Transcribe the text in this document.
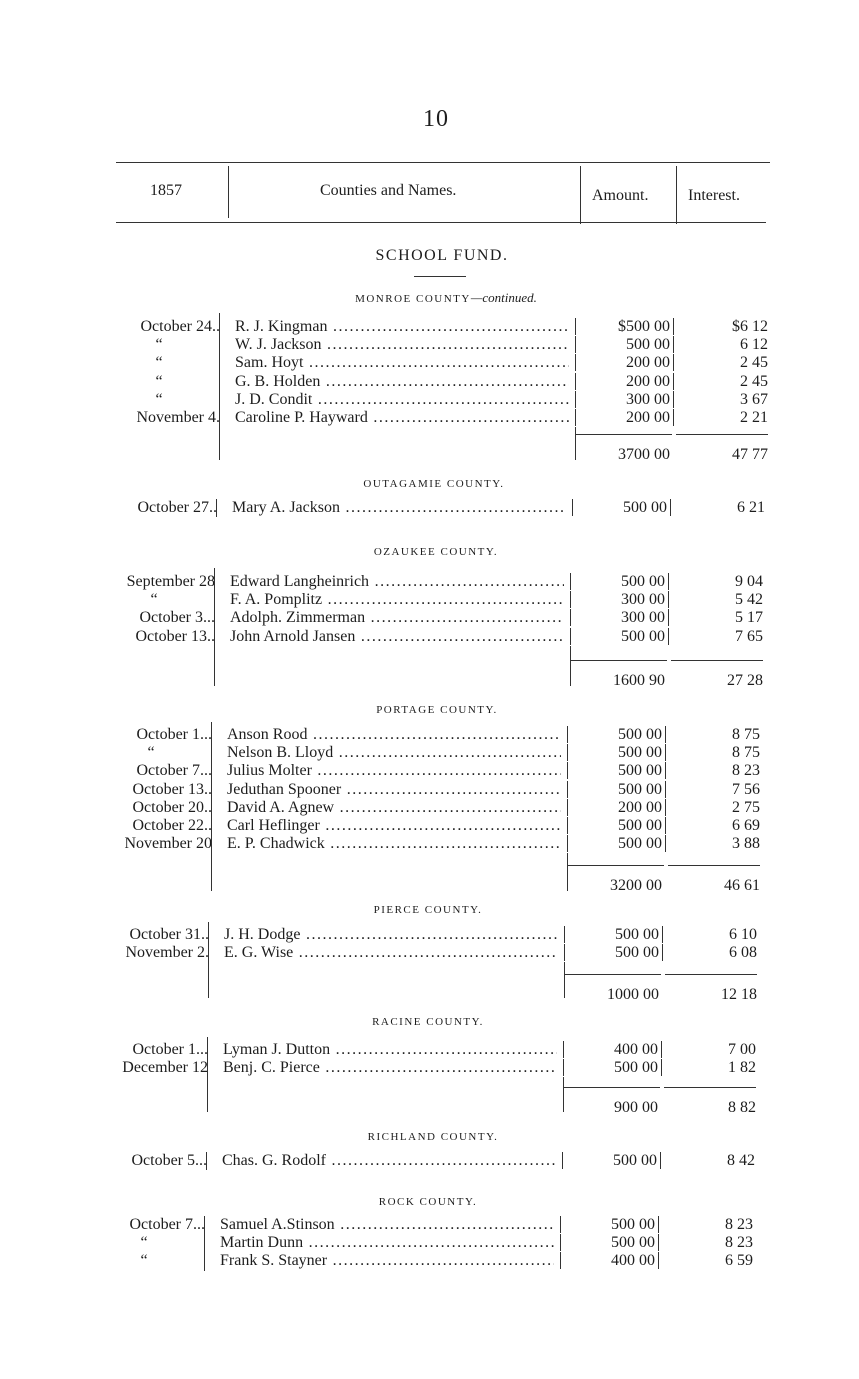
10
1857	Counties and Names.	Amount. Interest.
SCHOOL FUND.
MONROE COUNTY—continued.
October 24.. R. J. Kingman .....	$500 00	$6 12
“	W. J. Jackson .....	500 00	6 12
“	Sam. Hoyt .....	200 00	2 45
“	G. B. Holden .....	200 00	2 45
“	J. D. Condit .....	300 00	3 67
November 4. Caroline P. Hayward .....	200 00	2 21
3700 00	47 77
OUTAGAMIE COUNTY.
October 27.. Mary A. Jackson .....	500 00	6 21
OZAUKEE COUNTY.
September 28 Edward Langheinrich .....	500 00	9 04
“	F. A. Pomplitz .....	300 00	5 42
October 3... Adolph. Zimmerman .....	300 00	5 17
October 13.. John Arnold Jansen .....	500 00	7 65
1600 90	27 28
PORTAGE COUNTY.
October 1... Anson Rood .....	500 00	8 75
“	Nelson B. Lloyd .....	500 00	8 75
October 7... Julius Molter .....	500 00	8 23
October 13.. Jeduthan Spooner .....	500 00	7 56
October 20.. David A. Agnew .....	200 00	2 75
October 22.. Carl Heflinger .....	500 00	6 69
November 20 E. P. Chadwick .....	500 00	3 88
3200 00	46 61
PIERCE COUNTY.
October 31.. J. H. Dodge .....	500 00	6 10
November 2. E. G. Wise .....	500 00	6 08
1000 00	12 18
RACINE COUNTY.
October 1... Lyman J. Dutton .....	400 00	7 00
December 12 Benj. C. Pierce .....	500 00	1 82
900 00	8 82
RICHLAND COUNTY.
October 5... Chas. G. Rodolf .....	500 00	8 42
ROCK COUNTY.
October 7... Samuel A.Stinson .....	500 00	8 23
“	Martin Dunn .....	500 00	8 23
“	Frank S. Stayner .....	400 00	6 59
